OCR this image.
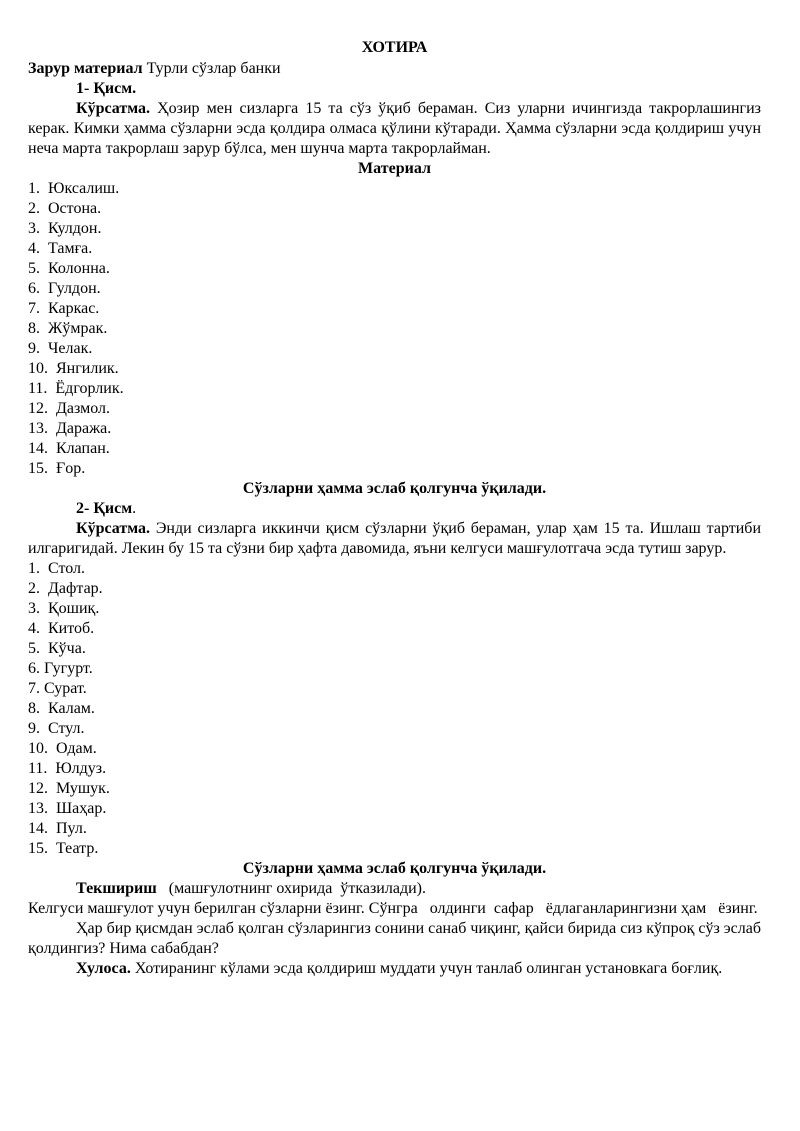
ХОТИРА
Зарур материал Турли сўзлар банки
1- Қисм.
Кўрсатма. Ҳозир мен сизларга 15 та сўз ўқиб бераман. Сиз уларни ичингизда такрорлашингиз керак. Кимки ҳамма сўзларни эсда қолдира олмаса қўлини кўтаради. Ҳамма сўзларни эсда қолдириш учун неча марта такрорлаш зарур бўлса, мен шунча марта такрорлайман.
Материал
1. Юксалиш.
2. Остона.
3. Кулдон.
4. Тамға.
5. Колонна.
6. Гулдон.
7. Каркас.
8. Жўмрак.
9. Челак.
10. Янгилик.
11. Ёдгорлик.
12. Дазмол.
13. Даража.
14. Клапан.
15. Ғор.
Сўзларни ҳамма эслаб қолгунча ўқилади.
2- Қисм.
Кўрсатма. Энди сизларга иккинчи қисм сўзларни ўқиб бераман, улар ҳам 15 та. Ишлаш тартиби илгаригидай. Лекин бу 15 та сўзни бир ҳафта давомида, яъни келгуси машғулотгача эсда тутиш зарур.
1. Стол.
2. Дафтар.
3. Қошиқ.
4. Китоб.
5. Кўча.
6. Гугурт.
7. Сурат.
8. Калам.
9. Стул.
10. Одам.
11. Юлдуз.
12. Мушук.
13. Шаҳар.
14. Пул.
15. Театр.
Сўзларни ҳамма эслаб қолгунча ўқилади.
Текшириш   (машғулотнинг охирида  ўтказилади).
Келгуси машғулот учун берилган сўзларни ёзинг. Сўнгра   олдинги  сафар   ёдлаганларингизни ҳам   ёзинг.
Ҳар бир қисмдан эслаб қолган сўзларингиз сонини санаб чиқинг, қайси бирида сиз кўпроқ сўз эслаб қолдингиз? Нима сабабдан?
Хулоса. Хотиранинг кўлами эсда қолдириш муддати учун танлаб олинган установкага боғлиқ.
